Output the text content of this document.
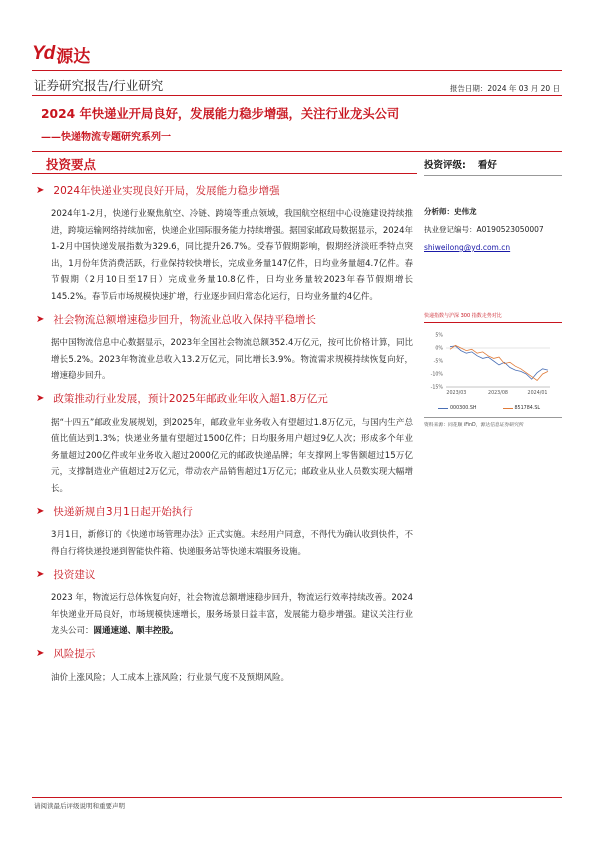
Yd 源达
证券研究报告/行业研究	报告日期：2024 年 03 月 20 日
2024 年快递业开局良好，发展能力稳步增强，关注行业龙头公司
——快递物流专题研究系列一
投资要点
➤ 2024年快递业实现良好开局，发展能力稳步增强
2024年1-2月，快递行业聚焦航空、冷链、跨境等重点领域，我国航空枢纽中心设施建设持续推进，跨境运输网络持续加密，快递企业国际服务能力持续增强。据国家邮政局数据显示，2024年1-2月中国快递发展指数为329.6，同比提升26.7%。受春节假期影响，假期经济淡旺季特点突出，1月份年货消费活跃，行业保持较快增长，完成业务量147亿件，日均业务量超4.7亿件。春节假期（2月10日至17日）完成业务量10.8亿件，日均业务量较2023年春节假期增长145.2%。春节后市场规模快速扩增，行业逐步回归常态化运行，日均业务量约4亿件。
➤ 社会物流总额增速稳步回升，物流业总收入保持平稳增长
据中国物流信息中心数据显示，2023年全国社会物流总额352.4万亿元，按可比价格计算，同比增长5.2%。2023年物流业总收入13.2万亿元，同比增长3.9%。物流需求规模持续恢复向好，增速稳步回升。
➤ 政策推动行业发展，预计2025年邮政业年收入超1.8万亿元
据“十四五”邮政业发展规划，到2025年，邮政业年业务收入有望超过1.8万亿元，与国内生产总值比值达到1.3%；快递业务量有望超过1500亿件；日均服务用户超过9亿人次；形成多个年业务量超过200亿件或年业务收入超过2000亿元的邮政快递品牌；年支撑网上零售额超过15万亿元，支撑制造业产值超过2万亿元，带动农产品销售超过1万亿元；邮政业从业人员数实现大幅增长。
➤ 快递新规自3月1日起开始执行
3月1日，新修订的《快递市场管理办法》正式实施。未经用户同意，不得代为确认收到快件，不得自行将快递投递到智能快件箱、快递服务站等快递末端服务设施。
➤ 投资建议
2023 年，物流运行总体恢复向好，社会物流总额增速稳步回升，物流运行效率持续改善。2024 年快递业开局良好，市场规模快速增长，服务场景日益丰富，发展能力稳步增强。建议关注行业龙头公司：圆通速递、顺丰控股。
➤ 风险提示
油价上涨风险；人工成本上涨风险；行业景气度不及预期风险。
投资评级: 看好
分析师：史伟龙
执业登记编号：A0190523050007
shiweilong@yd.com.cn
快递指数与沪深 300 指数走势对比
5%
0%
-5%
-10%
-15%
2023/03	2023/08	2024/01
000300.SH	851784.SL
资料来源：同花顺 iFinD，源达信息证券研究所
请阅读最后评级说明和重要声明
